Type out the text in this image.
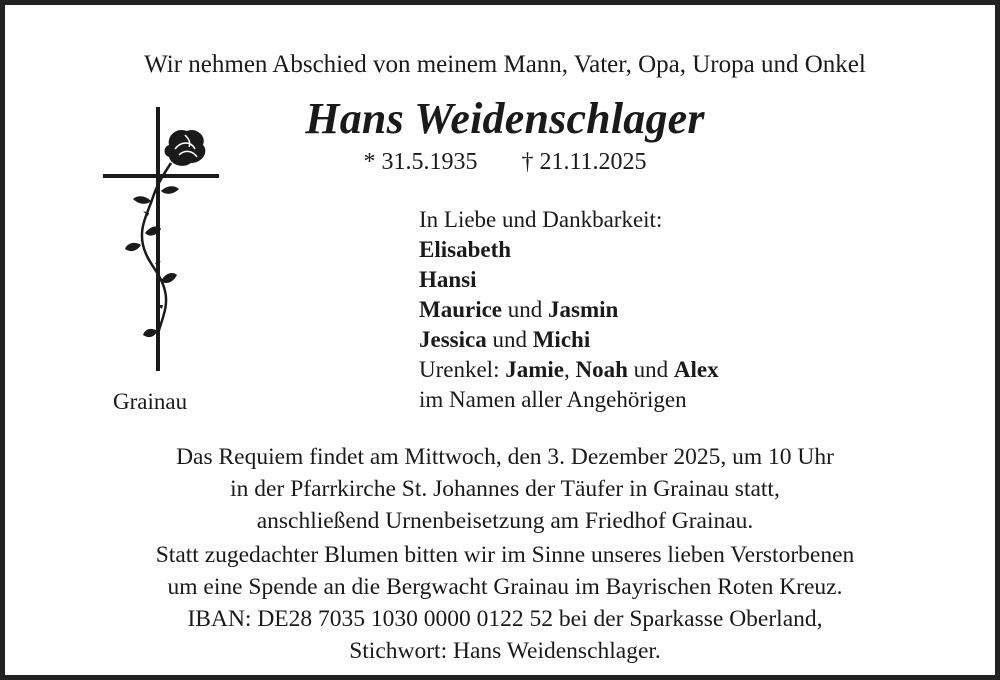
Wir nehmen Abschied von meinem Mann, Vater, Opa, Uropa und Onkel
Hans Weidenschlager
* 31.5.1935 † 21.11.2025
Grainau
In Liebe und Dankbarkeit:
Elisabeth
Hansi
Maurice und Jasmin
Jessica und Michi
Urenkel: Jamie, Noah und Alex
im Namen aller Angehörigen
Das Requiem findet am Mittwoch, den 3. Dezember 2025, um 10 Uhr
in der Pfarrkirche St. Johannes der Täufer in Grainau statt,
anschließend Urnenbeisetzung am Friedhof Grainau.
Statt zugedachter Blumen bitten wir im Sinne unseres lieben Verstorbenen
um eine Spende an die Bergwacht Grainau im Bayrischen Roten Kreuz.
IBAN: DE28 7035 1030 0000 0122 52 bei der Sparkasse Oberland,
Stichwort: Hans Weidenschlager.
